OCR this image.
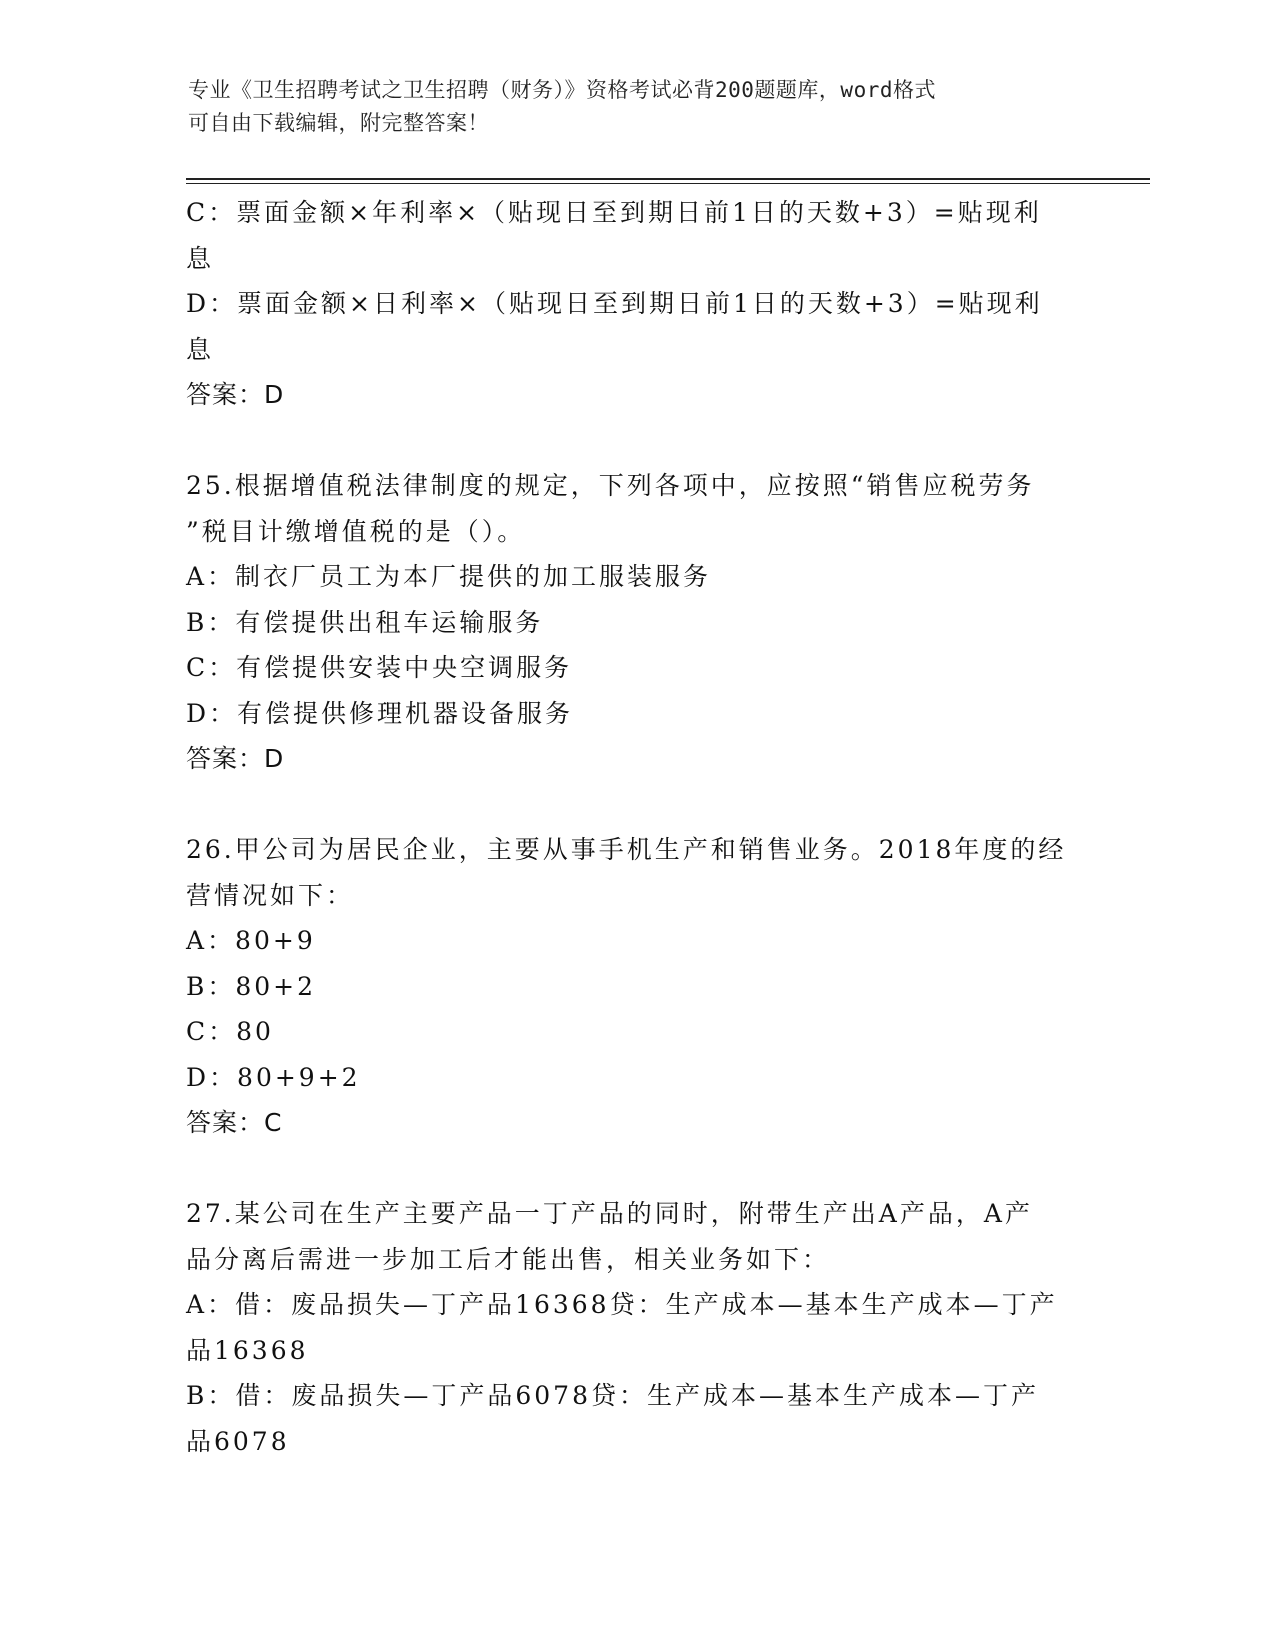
专业《卫生招聘考试之卫生招聘（财务）》资格考试必背200题题库，word格式
可自由下载编辑，附完整答案！
C：票面金额×年利率×（贴现日至到期日前1日的天数+3）=贴现利
息
D：票面金额×日利率×（贴现日至到期日前1日的天数+3）=贴现利
息
答案：D
25.根据增值税法律制度的规定，下列各项中，应按照“销售应税劳务
”税目计缴增值税的是（）。
A：制衣厂员工为本厂提供的加工服装服务
B：有偿提供出租车运输服务
C：有偿提供安装中央空调服务
D：有偿提供修理机器设备服务
答案：D
26.甲公司为居民企业，主要从事手机生产和销售业务。2018年度的经
营情况如下：
A：80+9
B：80+2
C：80
D：80+9+2
答案：C
27.某公司在生产主要产品一丁产品的同时，附带生产出A产品，A产
品分离后需进一步加工后才能出售，相关业务如下：
A：借：废品损失—丁产品16368贷：生产成本—基本生产成本—丁产
品16368
B：借：废品损失—丁产品6078贷：生产成本—基本生产成本—丁产
品6078
